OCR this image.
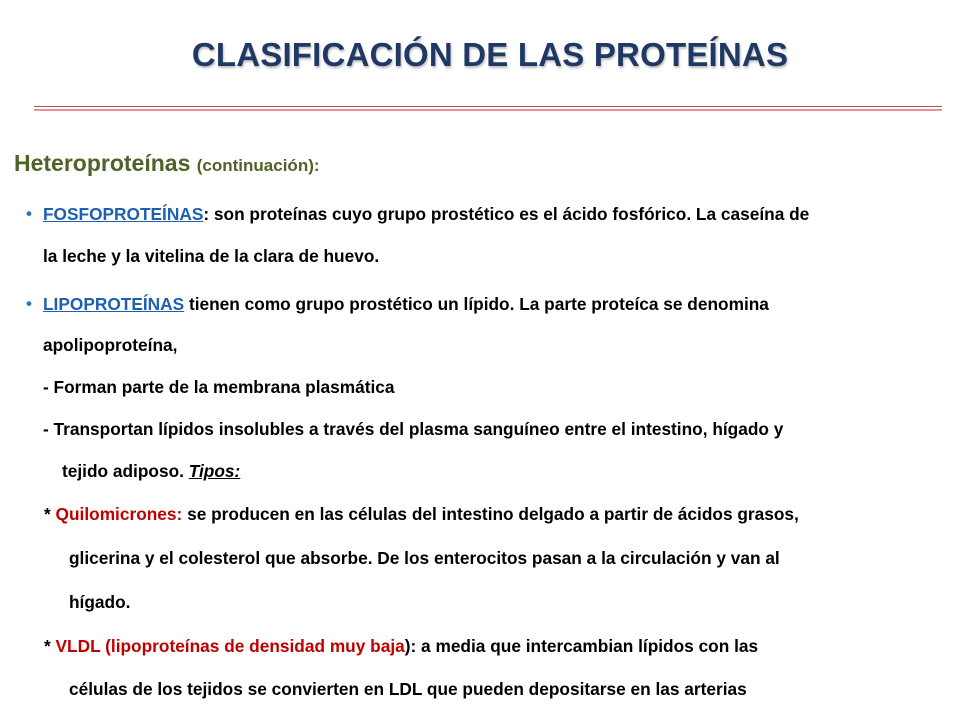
CLASIFICACIÓN DE LAS PROTEÍNAS
Heteroproteínas (continuación):
• FOSFOPROTEÍNAS: son proteínas cuyo grupo prostético es el ácido fosfórico. La caseína de
la leche y la vitelina de la clara de huevo.
• LIPOPROTEÍNAS tienen como grupo prostético un lípido. La parte proteíca se denomina
apolipoproteína,
- Forman parte de la membrana plasmática
- Transportan lípidos insolubles a través del plasma sanguíneo entre el intestino, hígado y
tejido adiposo. Tipos:
* Quilomicrones: se producen en las células del intestino delgado a partir de ácidos grasos,
glicerina y el colesterol que absorbe. De los enterocitos pasan a la circulación y van al
hígado.
* VLDL (lipoproteínas de densidad muy baja): a media que intercambian lípidos con las
células de los tejidos se convierten en LDL que pueden depositarse en las arterias
